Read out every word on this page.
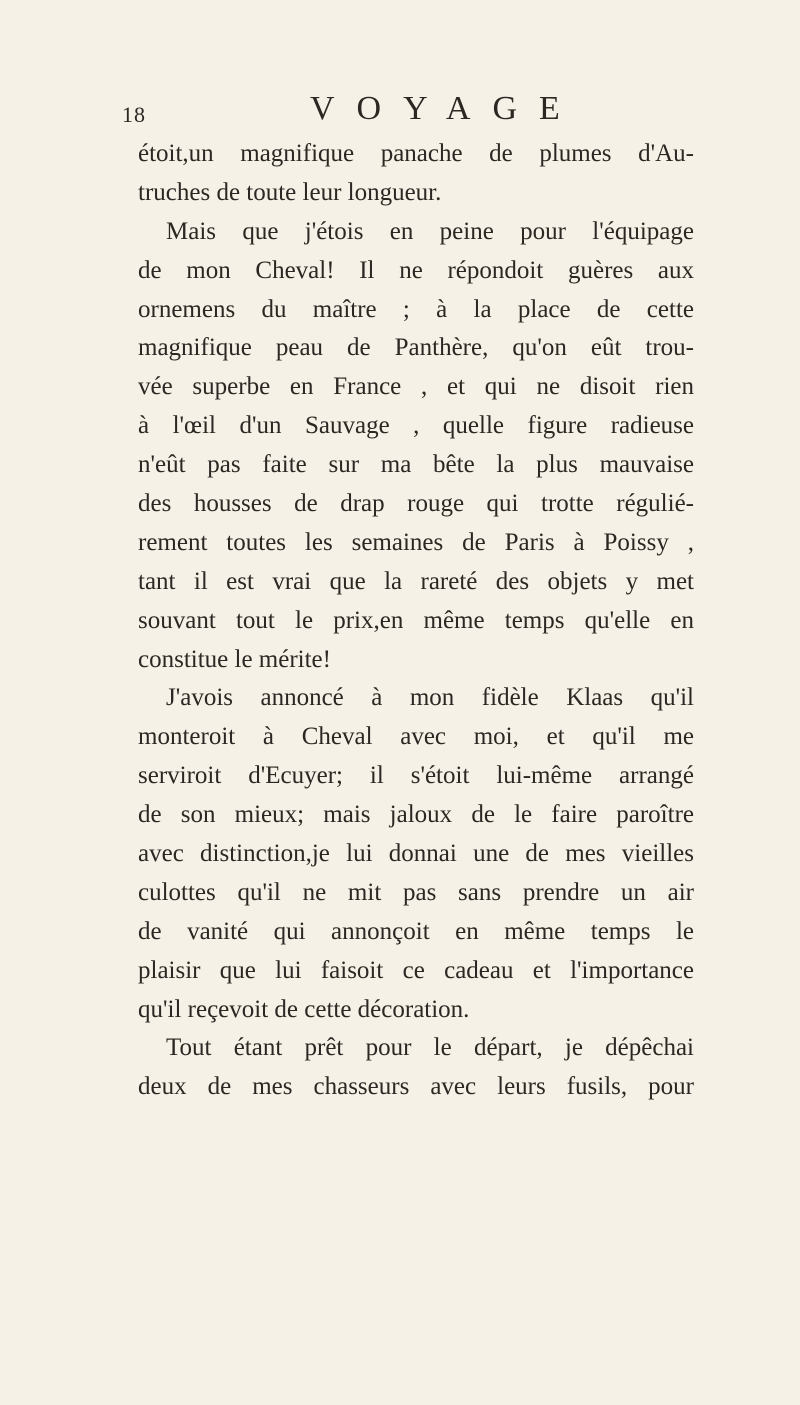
18	VOYAGE
étoit,un magnifique panache de plumes d'Au-
truches de toute leur longueur.
Mais que j'étois en peine pour l'équipage
de mon Cheval! Il ne répondoit guères aux
ornemens du maître ; à la place de cette
magnifique peau de Panthère, qu'on eût trou-
vée superbe en France , et qui ne disoit rien
à l'œil d'un Sauvage , quelle figure radieuse
n'eût pas faite sur ma bête la plus mauvaise
des housses de drap rouge qui trotte régulié-
rement toutes les semaines de Paris à Poissy ,
tant il est vrai que la rareté des objets y met
souvant tout le prix,en même temps qu'elle en
constitue le mérite!
J'avois annoncé à mon fidèle Klaas qu'il
monteroit à Cheval avec moi, et qu'il me
serviroit d'Ecuyer; il s'étoit lui-même arrangé
de son mieux; mais jaloux de le faire paroître
avec distinction,je lui donnai une de mes vieilles
culottes qu'il ne mit pas sans prendre un air
de vanité qui annonçoit en même temps le
plaisir que lui faisoit ce cadeau et l'importance
qu'il reçevoit de cette décoration.
Tout étant prêt pour le départ, je dépêchai
deux de mes chasseurs avec leurs fusils, pour
